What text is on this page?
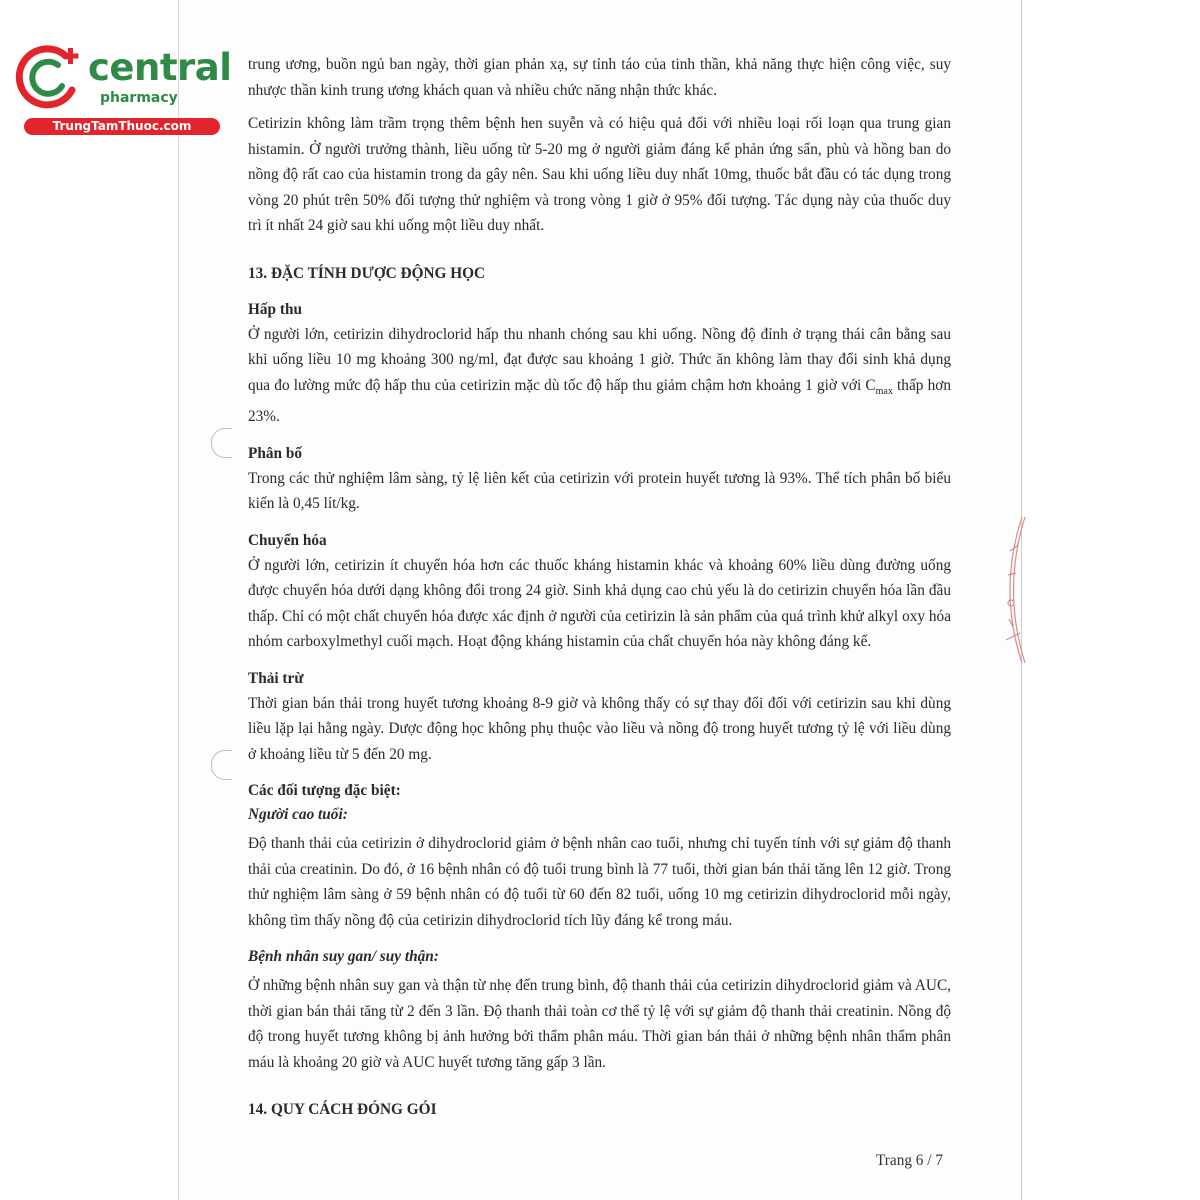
central
pharmacy
TrungTamThuoc.com

trung ương, buồn ngủ ban ngày, thời gian phản xạ, sự tỉnh táo của tinh thần, khả năng thực hiện công việc, suy nhược thần kinh trung ương khách quan và nhiều chức năng nhận thức khác.

Cetirizin không làm trầm trọng thêm bệnh hen suyễn và có hiệu quả đối với nhiều loại rối loạn qua trung gian histamin. Ở người trưởng thành, liều uống từ 5-20 mg ở người giảm đáng kể phản ứng sẩn, phù và hồng ban do nồng độ rất cao của histamin trong da gây nên. Sau khi uống liều duy nhất 10mg, thuốc bắt đầu có tác dụng trong vòng 20 phút trên 50% đối tượng thử nghiệm và trong vòng 1 giờ ở 95% đối tượng. Tác dụng này của thuốc duy trì ít nhất 24 giờ sau khi uống một liều duy nhất.

13. ĐẶC TÍNH DƯỢC ĐỘNG HỌC
Hấp thu

Ở người lớn, cetirizin dihydroclorid hấp thu nhanh chóng sau khi uống. Nồng độ đỉnh ở trạng thái cân bằng sau khi uống liều 10 mg khoảng 300 ng/ml, đạt được sau khoảng 1 giờ. Thức ăn không làm thay đổi sinh khả dụng qua đo lường mức độ hấp thu của cetirizin mặc dù tốc độ hấp thu giảm chậm hơn khoảng 1 giờ với $C_{max}$ thấp hơn 23%.

Phân bố

Trong các thử nghiệm lâm sàng, tỷ lệ liên kết của cetirizin với protein huyết tương là 93%. Thể tích phân bố biểu kiến là 0,45 lít/kg.

Chuyển hóa

Ở người lớn, cetirizin ít chuyển hóa hơn các thuốc kháng histamin khác và khoảng 60% liều dùng đường uống được chuyển hóa dưới dạng không đổi trong 24 giờ. Sinh khả dụng cao chủ yếu là do cetirizin chuyển hóa lần đầu thấp. Chỉ có một chất chuyển hóa được xác định ở người của cetirizin là sản phẩm của quá trình khử alkyl oxy hóa nhóm carboxylmethyl cuối mạch. Hoạt động kháng histamin của chất chuyển hóa này không đáng kể.

Thải trừ

Thời gian bán thải trong huyết tương khoảng 8-9 giờ và không thấy có sự thay đổi đối với cetirizin sau khi dùng liều lặp lại hằng ngày. Dược động học không phụ thuộc vào liều và nồng độ trong huyết tương tỷ lệ với liều dùng ở khoảng liều từ 5 đến 20 mg.

Các đối tượng đặc biệt:
Người cao tuổi:

Độ thanh thải của cetirizin ở dihydroclorid giảm ở bệnh nhân cao tuổi, nhưng chỉ tuyến tính với sự giảm độ thanh thải của creatinin. Do đó, ở 16 bệnh nhân có độ tuổi trung bình là 77 tuổi, thời gian bán thải tăng lên 12 giờ. Trong thử nghiệm lâm sàng ở 59 bệnh nhân có độ tuổi từ 60 đến 82 tuổi, uống 10 mg cetirizin dihydroclorid mỗi ngày, không tìm thấy nồng độ của cetirizin dihydroclorid tích lũy đáng kể trong máu.

Bệnh nhân suy gan/ suy thận:

Ở những bệnh nhân suy gan và thận từ nhẹ đến trung bình, độ thanh thải của cetirizin dihydroclorid giảm và AUC, thời gian bán thải tăng từ 2 đến 3 lần. Độ thanh thải toàn cơ thể tỷ lệ với sự giảm độ thanh thải creatinin. Nồng độ độ trong huyết tương không bị ảnh hưởng bởi thẩm phân máu. Thời gian bán thải ở những bệnh nhân thẩm phân máu là khoảng 20 giờ và AUC huyết tương tăng gấp 3 lần.

14. QUY CÁCH ĐÓNG GÓI
Trang 6 / 7
